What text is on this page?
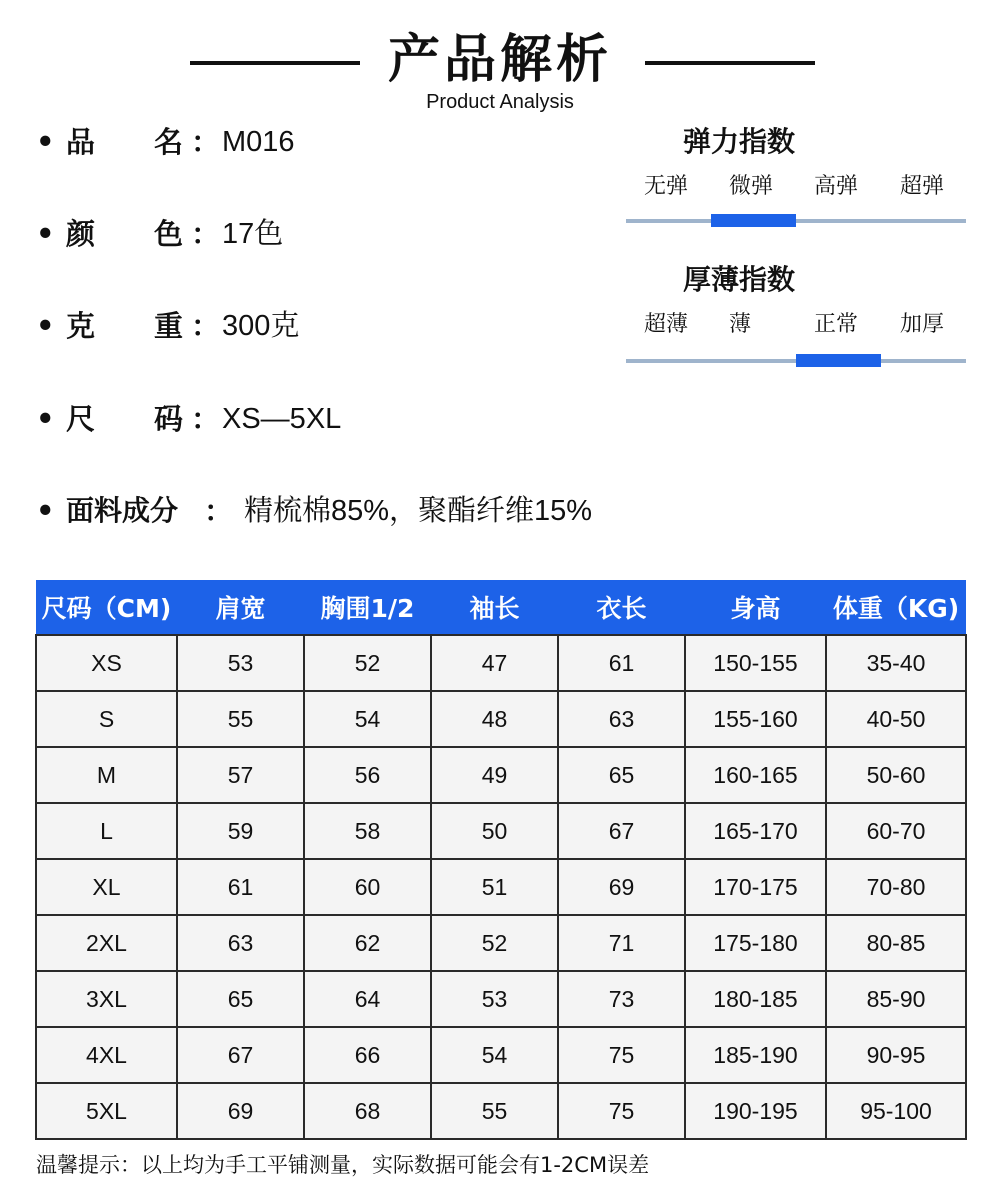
产品解析
Product Analysis
• 品 名 ： M016
• 颜 色 ： 17色
• 克 重 ： 300克
• 尺 码 ： XS—5XL
• 面料成分 ： 精梳棉85%，聚酯纤维15%
弹力指数
无弹	微弹	高弹	超弹
厚薄指数
超薄	薄	正常	加厚
尺码（CM)	肩宽	胸围1/2	袖长	衣长	身高	体重（KG)
XS	53	52	47	61	150-155	35-40
S	55	54	48	63	155-160	40-50
M	57	56	49	65	160-165	50-60
L	59	58	50	67	165-170	60-70
XL	61	60	51	69	170-175	70-80
2XL	63	62	52	71	175-180	80-85
3XL	65	64	53	73	180-185	85-90
4XL	67	66	54	75	185-190	90-95
5XL	69	68	55	75	190-195	95-100
温馨提示：以上均为手工平铺测量，实际数据可能会有1-2CM误差
